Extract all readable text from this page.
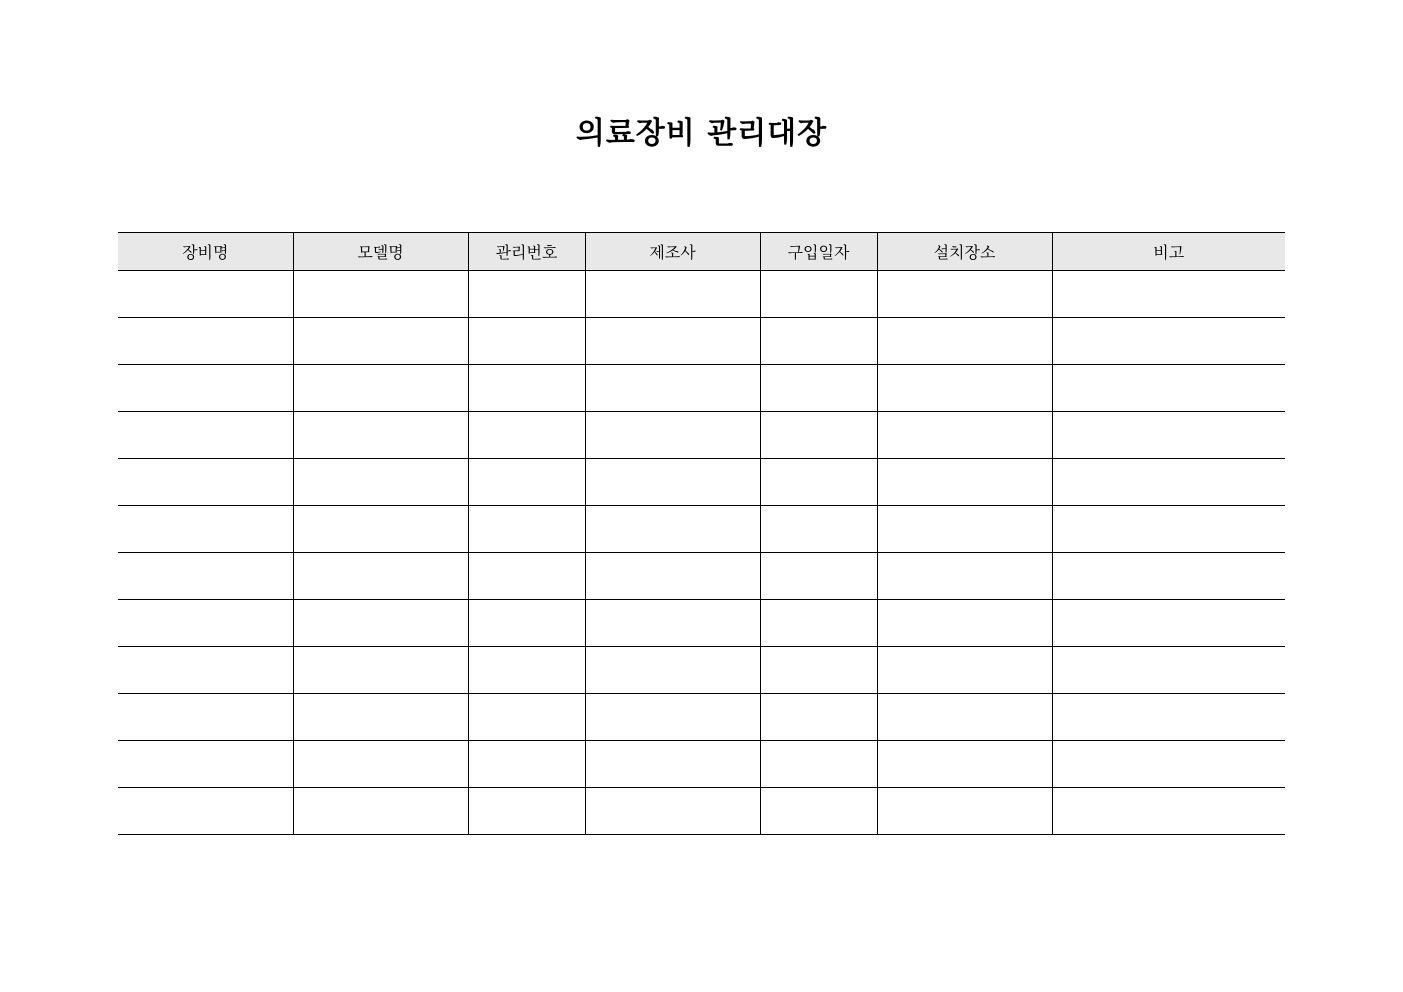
의료장비 관리대장
장비명	모델명	관리번호	제조사	구입일자	설치장소	비고
